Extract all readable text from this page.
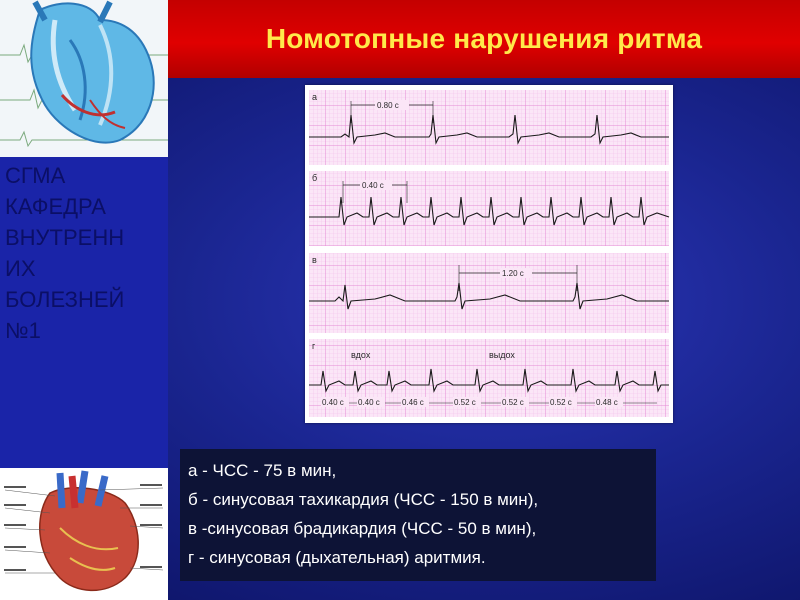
СГМА
КАФЕДРА
ВНУТРЕНН
ИХ
БОЛЕЗНЕЙ
№1
Номотопные нарушения ритма
а
0.80 с
б
0.40 с
в
1.20 с
г
вдох	выдох
0.40 с 0.40 с	0.46 с	0.52 с	0.52 с	0.52 с	0.48 с
а - ЧСС - 75 в мин,
б - синусовая тахикардия (ЧСС - 150 в мин),
в -синусовая брадикардия (ЧСС - 50 в мин),
г - синусовая (дыхательная) аритмия.
